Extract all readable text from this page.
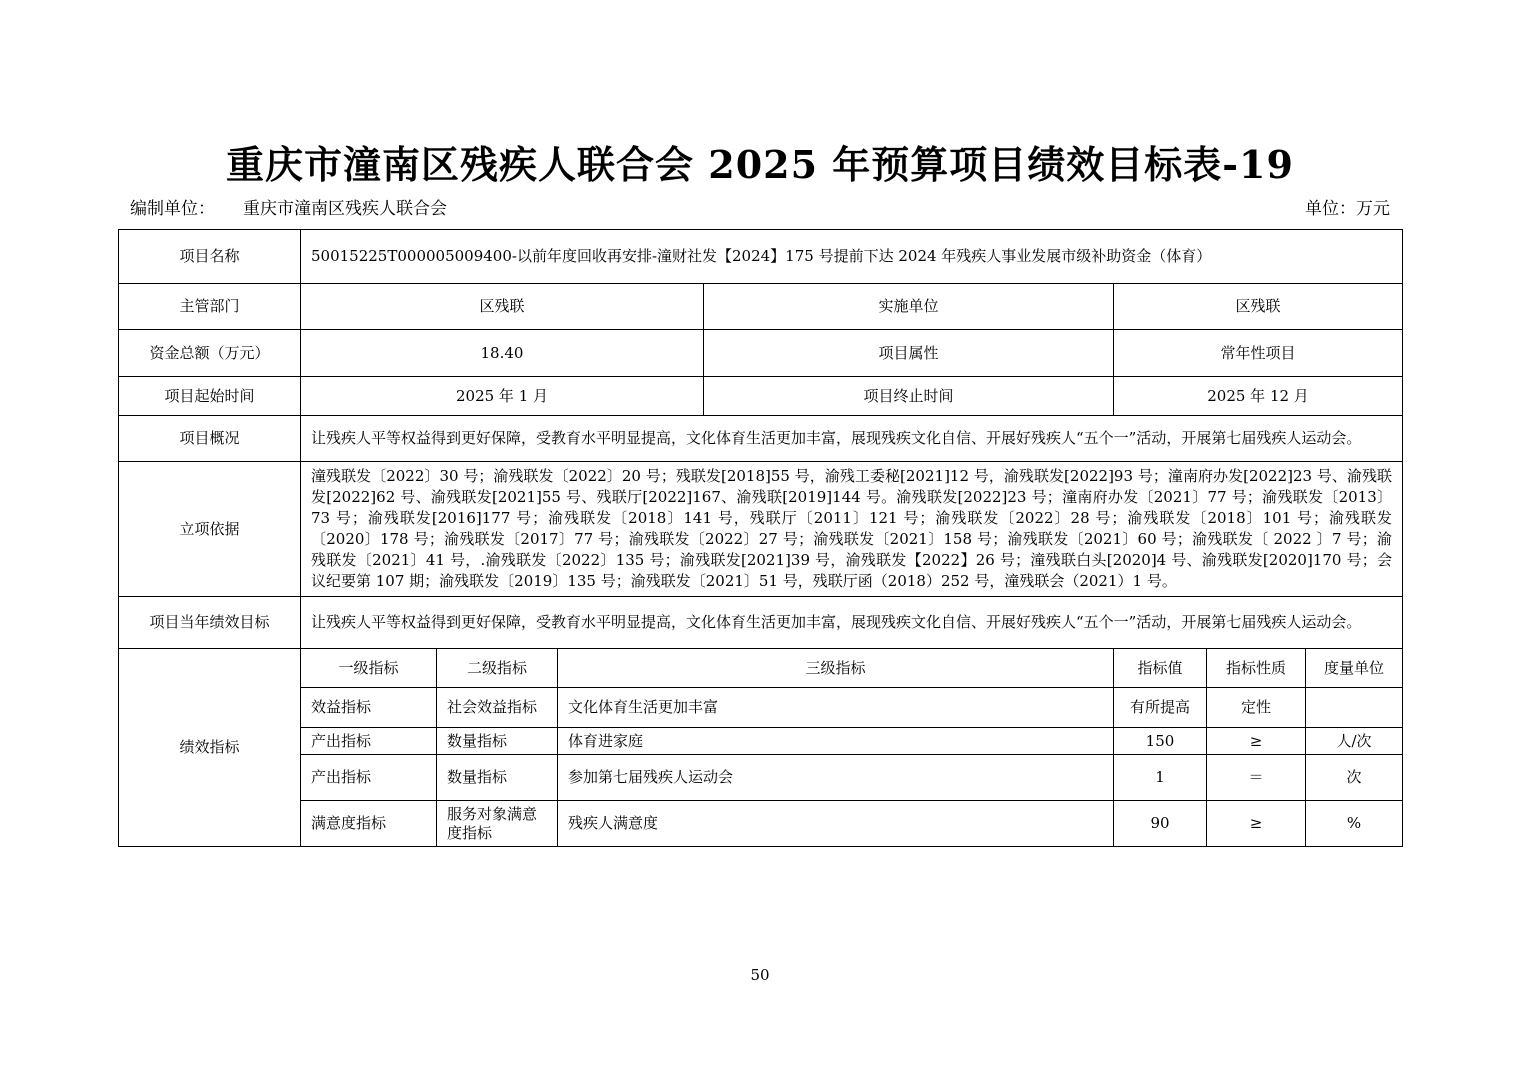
重庆市潼南区残疾人联合会 2025 年预算项目绩效目标表-19
编制单位： 重庆市潼南区残疾人联合会	单位：万元
项目名称	50015225T000005009400-以前年度回收再安排-潼财社发【2024】175 号提前下达 2024 年残疾人事业发展市级补助资金（体育）						
主管部门	区残联			实施单位	区残联		
资金总额（万元）	18.40			项目属性	常年性项目		
项目起始时间	2025 年 1 月			项目终止时间	2025 年 12 月		
项目概况	让残疾人平等权益得到更好保障，受教育水平明显提高，文化体育生活更加丰富，展现残疾文化自信、开展好残疾人“五个一”活动，开展第七届残疾人运动会。						
立项依据	潼残联发〔2022〕30 号；渝残联发〔2022〕20 号；残联发[2018]55 号，渝残工委秘[2021]12 号，渝残联发[2022]93 号；潼南府办发[2022]23 号、渝残联发[2022]62 号、渝残联发[2021]55 号、残联厅[2022]167、渝残联[2019]144 号。渝残联发[2022]23 号；潼南府办发〔2021〕77 号；渝残联发〔2013〕73 号；渝残联发[2016]177 号；渝残联发〔2018〕141 号，残联厅〔2011〕121 号；渝残联发〔2022〕28 号；渝残联发〔2018〕101 号；渝残联发〔2020〕178 号；渝残联发〔2017〕77 号；渝残联发〔2022〕27 号；渝残联发〔2021〕158 号；渝残联发〔2021〕60 号；渝残联发〔 2022 〕7 号；渝残联发〔2021〕41 号，.渝残联发〔2022〕135 号；渝残联发[2021]39 号，渝残联发【2022】26 号；潼残联白头[2020]4 号、渝残联发[2020]170 号；会议纪要第 107 期；渝残联发〔2019〕135 号；渝残联发〔2021〕51 号，残联厅函（2018）252 号，潼残联会（2021）1 号。						
项目当年绩效目标	让残疾人平等权益得到更好保障，受教育水平明显提高，文化体育生活更加丰富，展现残疾文化自信、开展好残疾人“五个一”活动，开展第七届残疾人运动会。						
绩效指标	一级指标	二级指标	三级指标		指标值	指标性质	度量单位
	效益指标	社会效益指标	文化体育生活更加丰富		有所提高	定性	
	产出指标	数量指标	体育进家庭		150	≥	人/次
	产出指标	数量指标	参加第七届残疾人运动会		1	＝	次
	满意度指标	服务对象满意度指标	残疾人满意度		90	≥	%
50
